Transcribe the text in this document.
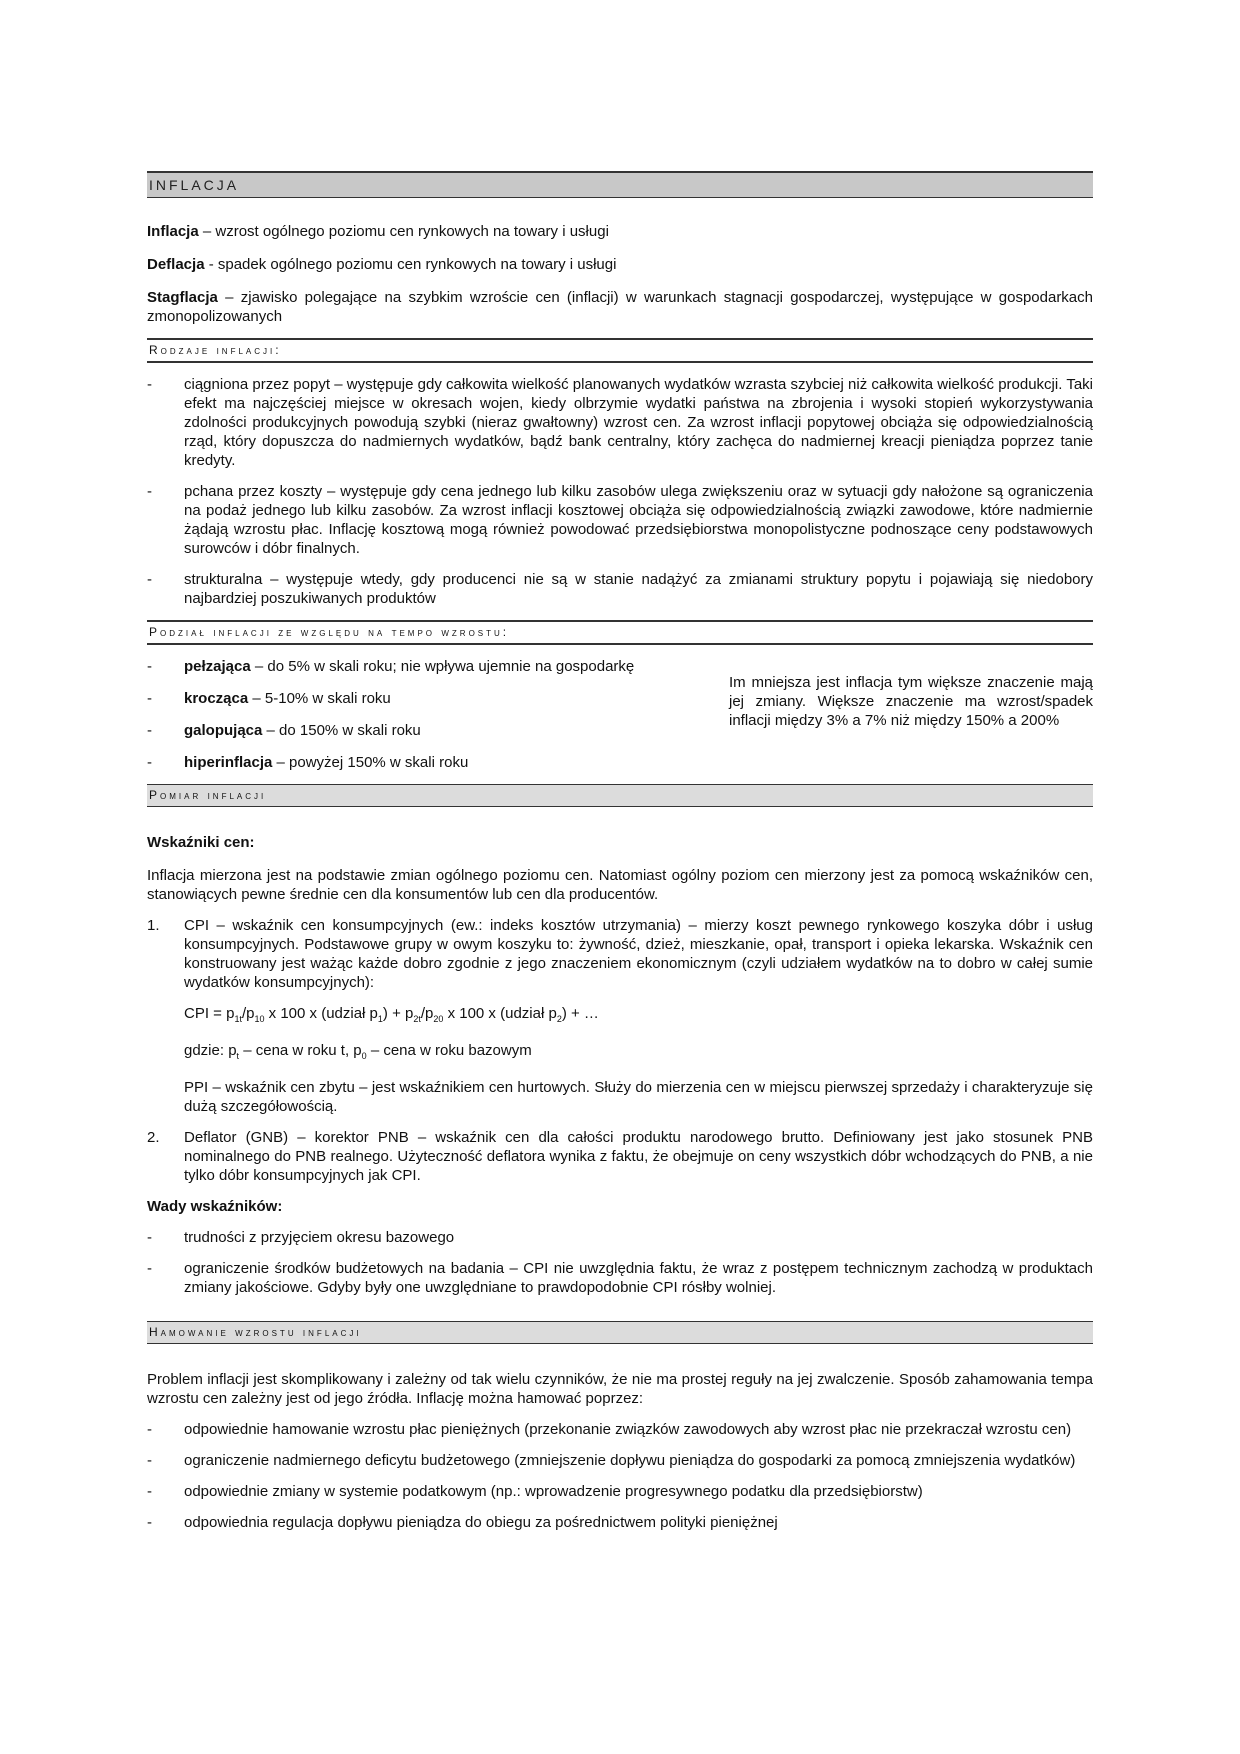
INFLACJA

Inflacja – wzrost ogólnego poziomu cen rynkowych na towary i usługi

Deflacja - spadek ogólnego poziomu cen rynkowych na towary i usługi

Stagflacja – zjawisko polegające na szybkim wzroście cen (inflacji) w warunkach stagnacji gospodarczej, występujące w gospodarkach zmonopolizowanych

Rodzaje inflacji:
-	ciągniona przez popyt – występuje gdy całkowita wielkość planowanych wydatków wzrasta szybciej niż całkowita wielkość produkcji. Taki efekt ma najczęściej miejsce w okresach wojen, kiedy olbrzymie wydatki państwa na zbrojenia i wysoki stopień wykorzystywania zdolności produkcyjnych powodują szybki (nieraz gwałtowny) wzrost cen. Za wzrost inflacji popytowej obciąża się odpowiedzialnością rząd, który dopuszcza do nadmiernych wydatków, bądź bank centralny, który zachęca do nadmiernej kreacji pieniądza poprzez tanie kredyty.
-	pchana przez koszty – występuje gdy cena jednego lub kilku zasobów ulega zwiększeniu oraz w sytuacji gdy nałożone są ograniczenia na podaż jednego lub kilku zasobów. Za wzrost inflacji kosztowej obciąża się odpowiedzialnością związki zawodowe, które nadmiernie żądają wzrostu płac. Inflację kosztową mogą również powodować przedsiębiorstwa monopolistyczne podnoszące ceny podstawowych surowców i dóbr finalnych.
-	strukturalna – występuje wtedy, gdy producenci nie są w stanie nadążyć za zmianami struktury popytu i pojawiają się niedobory najbardziej poszukiwanych produktów
Podział inflacji ze względu na tempo wzrostu:
-	pełzająca – do 5% w skali roku; nie wpływa ujemnie na gospodarkę
-	krocząca – 5-10% w skali roku
-	galopująca – do 150% w skali roku
-	hiperinflacja – powyżej 150% w skali roku

Im mniejsza jest inflacja tym większe znaczenie mają jej zmiany. Większe znaczenie ma wzrost/spadek inflacji między 3% a 7% niż między 150% a 200%

Pomiar inflacji

Wskaźniki cen:

Inflacja mierzona jest na podstawie zmian ogólnego poziomu cen. Natomiast ogólny poziom cen mierzony jest za pomocą wskaźników cen, stanowiących pewne średnie cen dla konsumentów lub cen dla producentów.

1.	CPI – wskaźnik cen konsumpcyjnych (ew.: indeks kosztów utrzymania) – mierzy koszt pewnego rynkowego koszyka dóbr i usług konsumpcyjnych. Podstawowe grupy w owym koszyku to: żywność, dzież, mieszkanie, opał, transport i opieka lekarska. Wskaźnik cen konstruowany jest ważąc każde dobro zgodnie z jego znaczeniem ekonomicznym (czyli udziałem wydatków na to dobro w całej sumie wydatków konsumpcyjnych):
CPI = $p_{1t}/p_{10}$ x 100 x (udział $p_1) + p_{2t}/p_{20}$ x 100 x (udział $p_2$) + …
gdzie: $p_t$ – cena w roku t, $p_0$ – cena w roku bazowym

PPI – wskaźnik cen zbytu – jest wskaźnikiem cen hurtowych. Służy do mierzenia cen w miejscu pierwszej sprzedaży i charakteryzuje się dużą szczegółowością.

2.	Deflator (GNB) – korektor PNB – wskaźnik cen dla całości produktu narodowego brutto. Definiowany jest jako stosunek PNB nominalnego do PNB realnego. Użyteczność deflatora wynika z faktu, że obejmuje on ceny wszystkich dóbr wchodzących do PNB, a nie tylko dóbr konsumpcyjnych jak CPI.

Wady wskaźników:

-	trudności z przyjęciem okresu bazowego
-	ograniczenie środków budżetowych na badania – CPI nie uwzględnia faktu, że wraz z postępem technicznym zachodzą w produktach zmiany jakościowe. Gdyby były one uwzględniane to prawdopodobnie CPI rósłby wolniej.
Hamowanie wzrostu inflacji

Problem inflacji jest skomplikowany i zależny od tak wielu czynników, że nie ma prostej reguły na jej zwalczenie. Sposób zahamowania tempa wzrostu cen zależny jest od jego źródła. Inflację można hamować poprzez:

-	odpowiednie hamowanie wzrostu płac pieniężnych (przekonanie związków zawodowych aby wzrost płac nie przekraczał wzrostu cen)
-	ograniczenie nadmiernego deficytu budżetowego (zmniejszenie dopływu pieniądza do gospodarki za pomocą zmniejszenia wydatków)
-	odpowiednie zmiany w systemie podatkowym (np.: wprowadzenie progresywnego podatku dla przedsiębiorstw)
-	odpowiednia regulacja dopływu pieniądza do obiegu za pośrednictwem polityki pieniężnej
